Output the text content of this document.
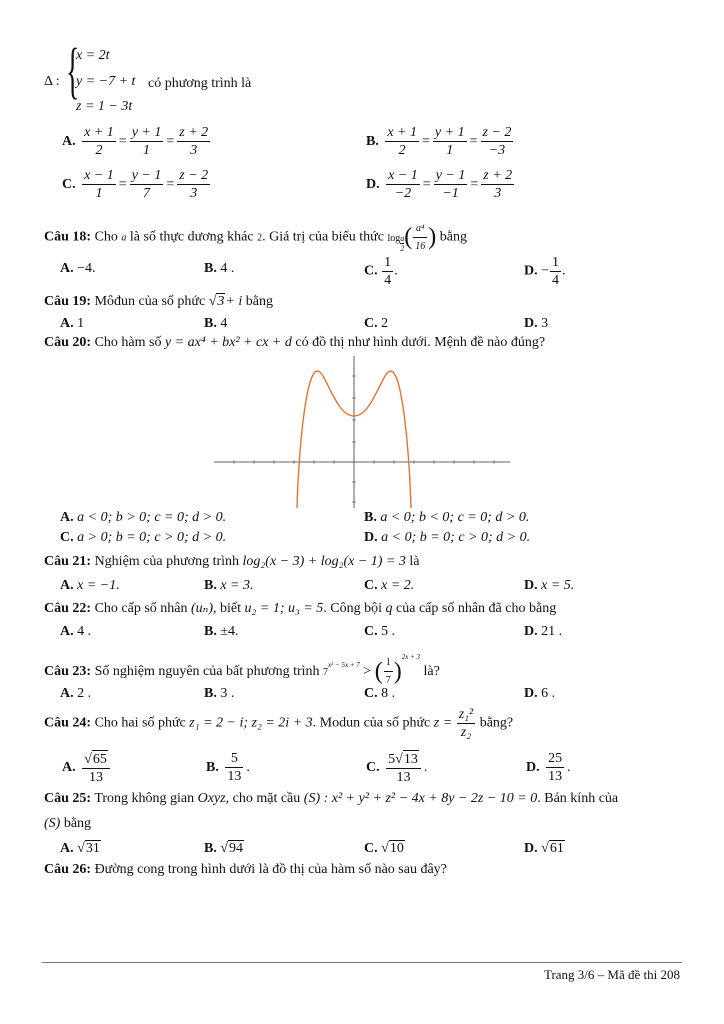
Δ : {
x = 2t
y = −7 + t
z = 1 − 3t
có phương trình là
A. $\frac{x + 1}{2} = \frac{y + 1}{1} = \frac{z + 2}{3}$	B. $\frac{x + 1}{2} = \frac{y + 1}{1} = \frac{z - 2}{-3}$
C. $\frac{x - 1}{1} = \frac{y - 1}{7} = \frac{z - 2}{3}$	D. $\frac{x - 1}{-2} = \frac{y - 1}{-1} = \frac{z + 2}{3}$
Câu 18: Cho a là số thực dương khác 2. Giá trị của biểu thức $\log \frac{a}{2}$ ( $\frac{\text{a⁴}}{16}$ ) bằng
A. −4.	B. 4 .	C. $\frac{1}{4}$ .	D. − $\frac{1}{4}$ .
Câu 19: Môđun của số phức √3+ i bằng
A. 1	B. 4	C. 2	D. 3
Câu 20: Cho hàm số y = ax⁴ + bx² + cx + d có đồ thị như hình dưới. Mệnh đề nào đúng?
A. a < 0; b > 0; c = 0; d > 0.	B. a < 0; b < 0; c = 0; d > 0.
C. a > 0; b = 0; c > 0; d > 0.	D. a < 0; b = 0; c > 0; d > 0.
Câu 21: Nghiệm của phương trình log₂(x − 3) + log₂(x − 1) = 3 là
A. x = −1.	B. x = 3.	C. x = 2.	D. x = 5.
Câu 22: Cho cấp số nhân (uₙ), biết u₂ = 1; u₃ = 5. Công bội q của cấp số nhân đã cho bằng
A. 4 .	B. ±4.	C. 5 .	D. 21 .
Câu 23: Số nghiệm nguyên của bất phương trình $7^{x^2 - 5x + 7}$ > ( $\frac{1}{7} )^{2x + 3}$ là?
A. 2 .	B. 3 .	C. 8 .	D. 6 .
Câu 24: Cho hai số phức z₁ = 2 − i; z₂ = 2i + 3. Modun của số phức $z = \frac{\text{z₁²}}{\text{z₂}}$ bằng?
A. $\frac{√65}{13}$	B. $\frac{5}{13}$ .	C. $\frac{5√13}{13}$ .	D. $\frac{25}{13}$ .
Câu 25: Trong không gian Oxyz, cho mặt cầu (S) : x² + y² + z² − 4x + 8y − 2z − 10 = 0. Bán kính của
(S) bằng
A. √31	B. √94	C. √10	D. √61
Câu 26: Đường cong trong hình dưới là đồ thị của hàm số nào sau đây?
Trang 3/6 – Mã đề thi 208
